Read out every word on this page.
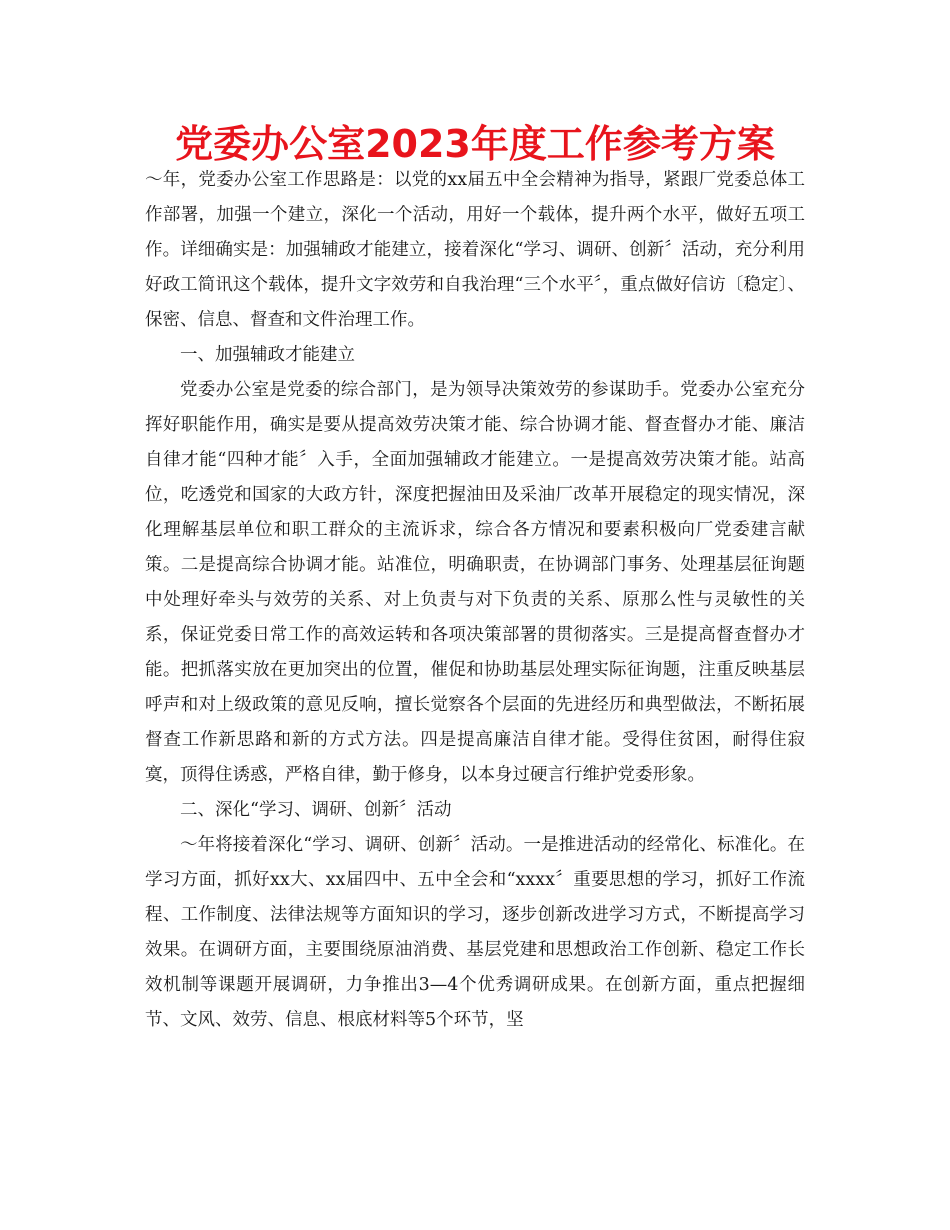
党委办公室2023年度工作参考方案

～年，党委办公室工作思路是：以党的xx届五中全会精神为指导，紧跟厂党委总体工作部署，加强一个建立，深化一个活动，用好一个载体，提升两个水平，做好五项工作。详细确实是：加强辅政才能建立，接着深化“学习、调研、创新〞活动，充分利用好政工简讯这个载体，提升文字效劳和自我治理“三个水平〞，重点做好信访〔稳定〕、保密、信息、督查和文件治理工作。

一、加强辅政才能建立

党委办公室是党委的综合部门，是为领导决策效劳的参谋助手。党委办公室充分挥好职能作用，确实是要从提高效劳决策才能、综合协调才能、督查督办才能、廉洁自律才能“四种才能〞入手，全面加强辅政才能建立。一是提高效劳决策才能。站高位，吃透党和国家的大政方针，深度把握油田及采油厂改革开展稳定的现实情况，深化理解基层单位和职工群众的主流诉求，综合各方情况和要素积极向厂党委建言献策。二是提高综合协调才能。站准位，明确职责，在协调部门事务、处理基层征询题中处理好牵头与效劳的关系、对上负责与对下负责的关系、原那么性与灵敏性的关系，保证党委日常工作的高效运转和各项决策部署的贯彻落实。三是提高督查督办才能。把抓落实放在更加突出的位置，催促和协助基层处理实际征询题，注重反映基层呼声和对上级政策的意见反响，擅长觉察各个层面的先进经历和典型做法，不断拓展督查工作新思路和新的方式方法。四是提高廉洁自律才能。受得住贫困，耐得住寂寞，顶得住诱惑，严格自律，勤于修身，以本身过硬言行维护党委形象。

二、深化“学习、调研、创新〞活动

～年将接着深化“学习、调研、创新〞活动。一是推进活动的经常化、标准化。在学习方面，抓好xx大、xx届四中、五中全会和“xxxx〞重要思想的学习，抓好工作流程、工作制度、法律法规等方面知识的学习，逐步创新改进学习方式，不断提高学习效果。在调研方面，主要围绕原油消费、基层党建和思想政治工作创新、稳定工作长效机制等课题开展调研，力争推出3—4个优秀调研成果。在创新方面，重点把握细节、文风、效劳、信息、根底材料等5个环节，坚
